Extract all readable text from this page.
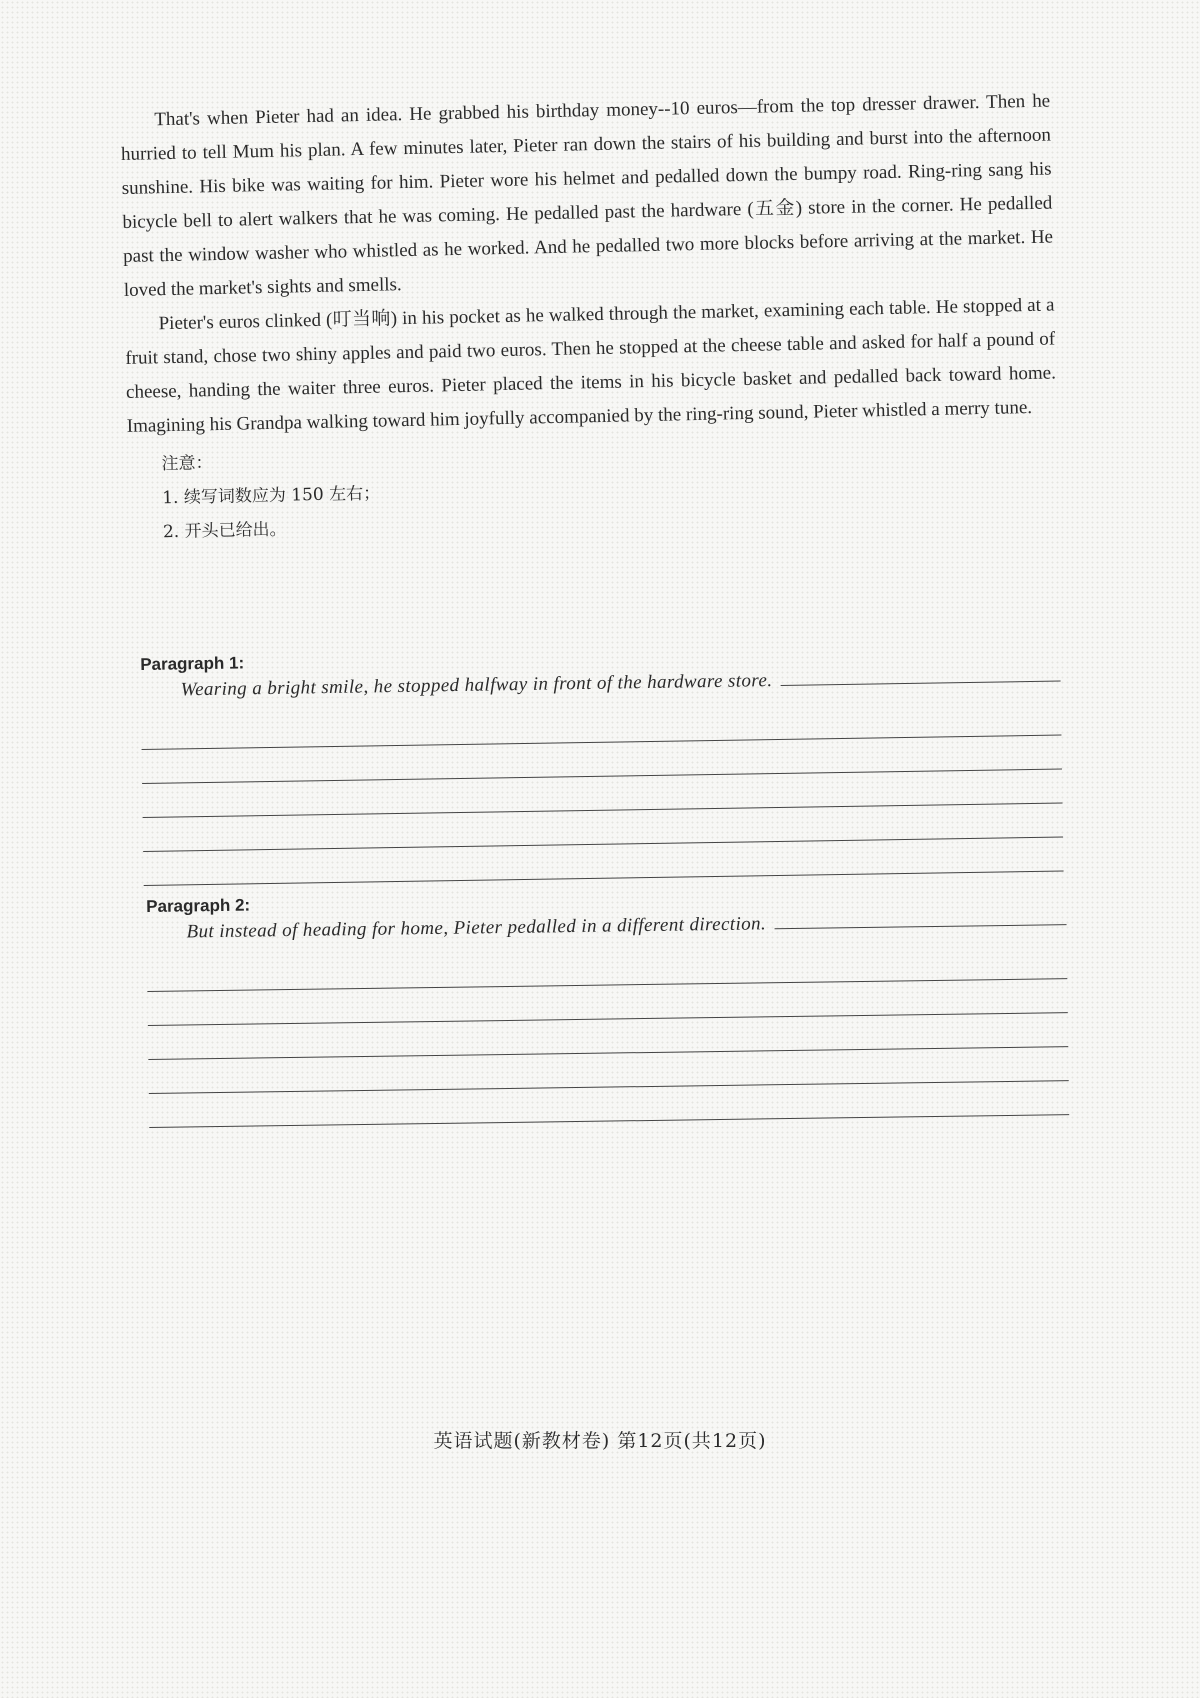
That's when Pieter had an idea. He grabbed his birthday money--10 euros—from the top dresser drawer. Then he hurried to tell Mum his plan. A few minutes later, Pieter ran down the stairs of his building and burst into the afternoon sunshine. His bike was waiting for him. Pieter wore his helmet and pedalled down the bumpy road. Ring-ring sang his bicycle bell to alert walkers that he was coming. He pedalled past the hardware (五金) store in the corner. He pedalled past the window washer who whistled as he worked. And he pedalled two more blocks before arriving at the market. He loved the market's sights and smells.

Pieter's euros clinked (叮当响) in his pocket as he walked through the market, examining each table. He stopped at a fruit stand, chose two shiny apples and paid two euros. Then he stopped at the cheese table and asked for half a pound of cheese, handing the waiter three euros. Pieter placed the items in his bicycle basket and pedalled back toward home. Imagining his Grandpa walking toward him joyfully accompanied by the ring-ring sound, Pieter whistled a merry tune.

注意：
1. 续写词数应为 150 左右；
2. 开头已给出。
Paragraph 1:
Wearing a bright smile, he stopped halfway in front of the hardware store.
Paragraph 2:
But instead of heading for home, Pieter pedalled in a different direction.
英语试题(新教材卷) 第12页(共12页)
